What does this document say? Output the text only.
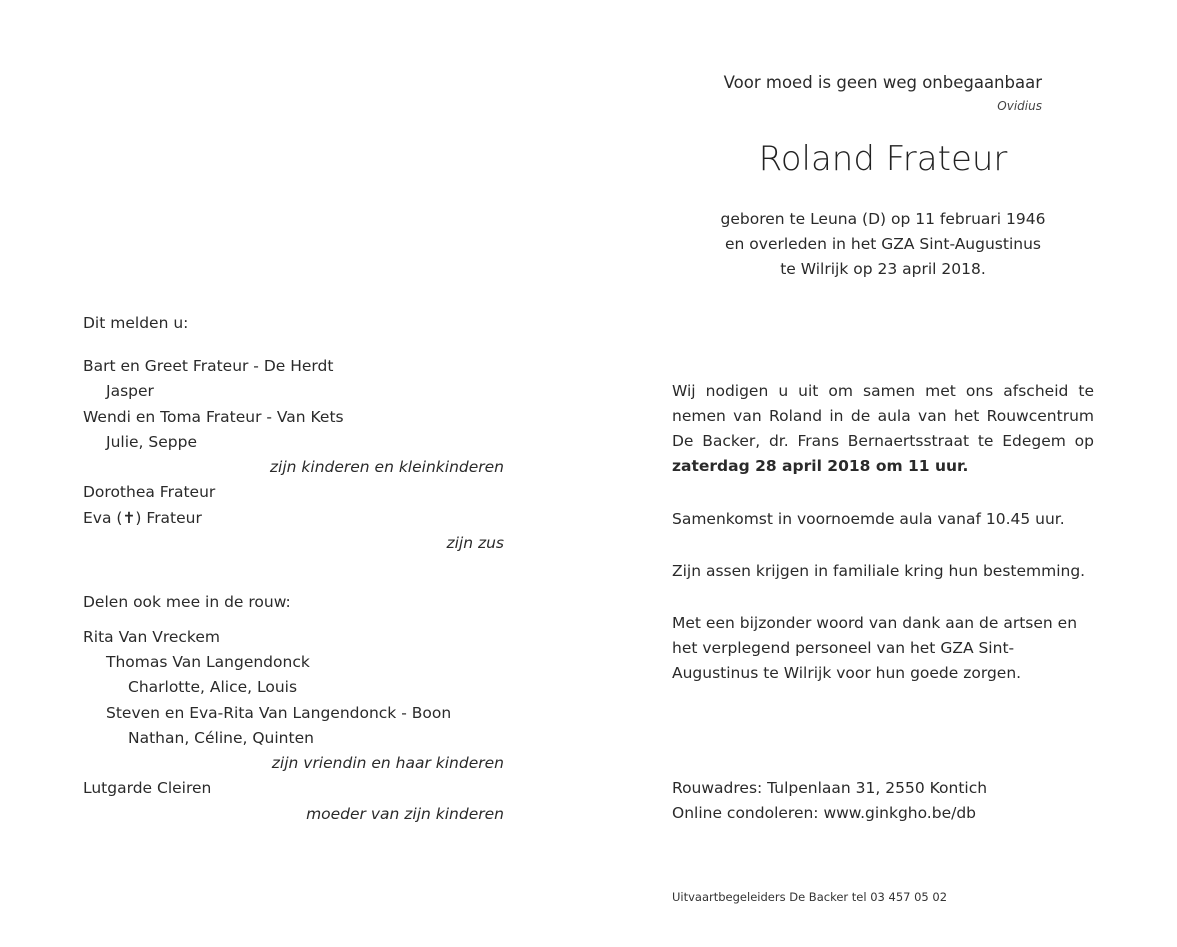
Voor moed is geen weg onbegaanbaar
Ovidius
Roland Frateur
geboren te Leuna (D) op 11 februari 1946
en overleden in het GZA Sint-Augustinus
te Wilrijk op 23 april 2018.
Dit melden u:
Bart en Greet Frateur - De Herdt
Jasper
Wendi en Toma Frateur - Van Kets
Julie, Seppe
zijn kinderen en kleinkinderen
Dorothea Frateur
Eva (✝) Frateur
zijn zus
Delen ook mee in de rouw:
Rita Van Vreckem
Thomas Van Langendonck
Charlotte, Alice, Louis
Steven en Eva-Rita Van Langendonck - Boon
Nathan, Céline, Quinten
zijn vriendin en haar kinderen
Lutgarde Cleiren
moeder van zijn kinderen
Wij nodigen u uit om samen met ons afscheid te nemen van Roland in de aula van het Rouwcentrum De Backer, dr. Frans Bernaertsstraat te Edegem op zaterdag 28 april 2018 om 11 uur.
Samenkomst in voornoemde aula vanaf 10.45 uur.
Zijn assen krijgen in familiale kring hun bestemming.
Met een bijzonder woord van dank aan de artsen en het verplegend personeel van het GZA Sint-Augustinus te Wilrijk voor hun goede zorgen.
Rouwadres: Tulpenlaan 31, 2550 Kontich
Online condoleren: www.ginkgho.be/db
Uitvaartbegeleiders De Backer tel 03 457 05 02
